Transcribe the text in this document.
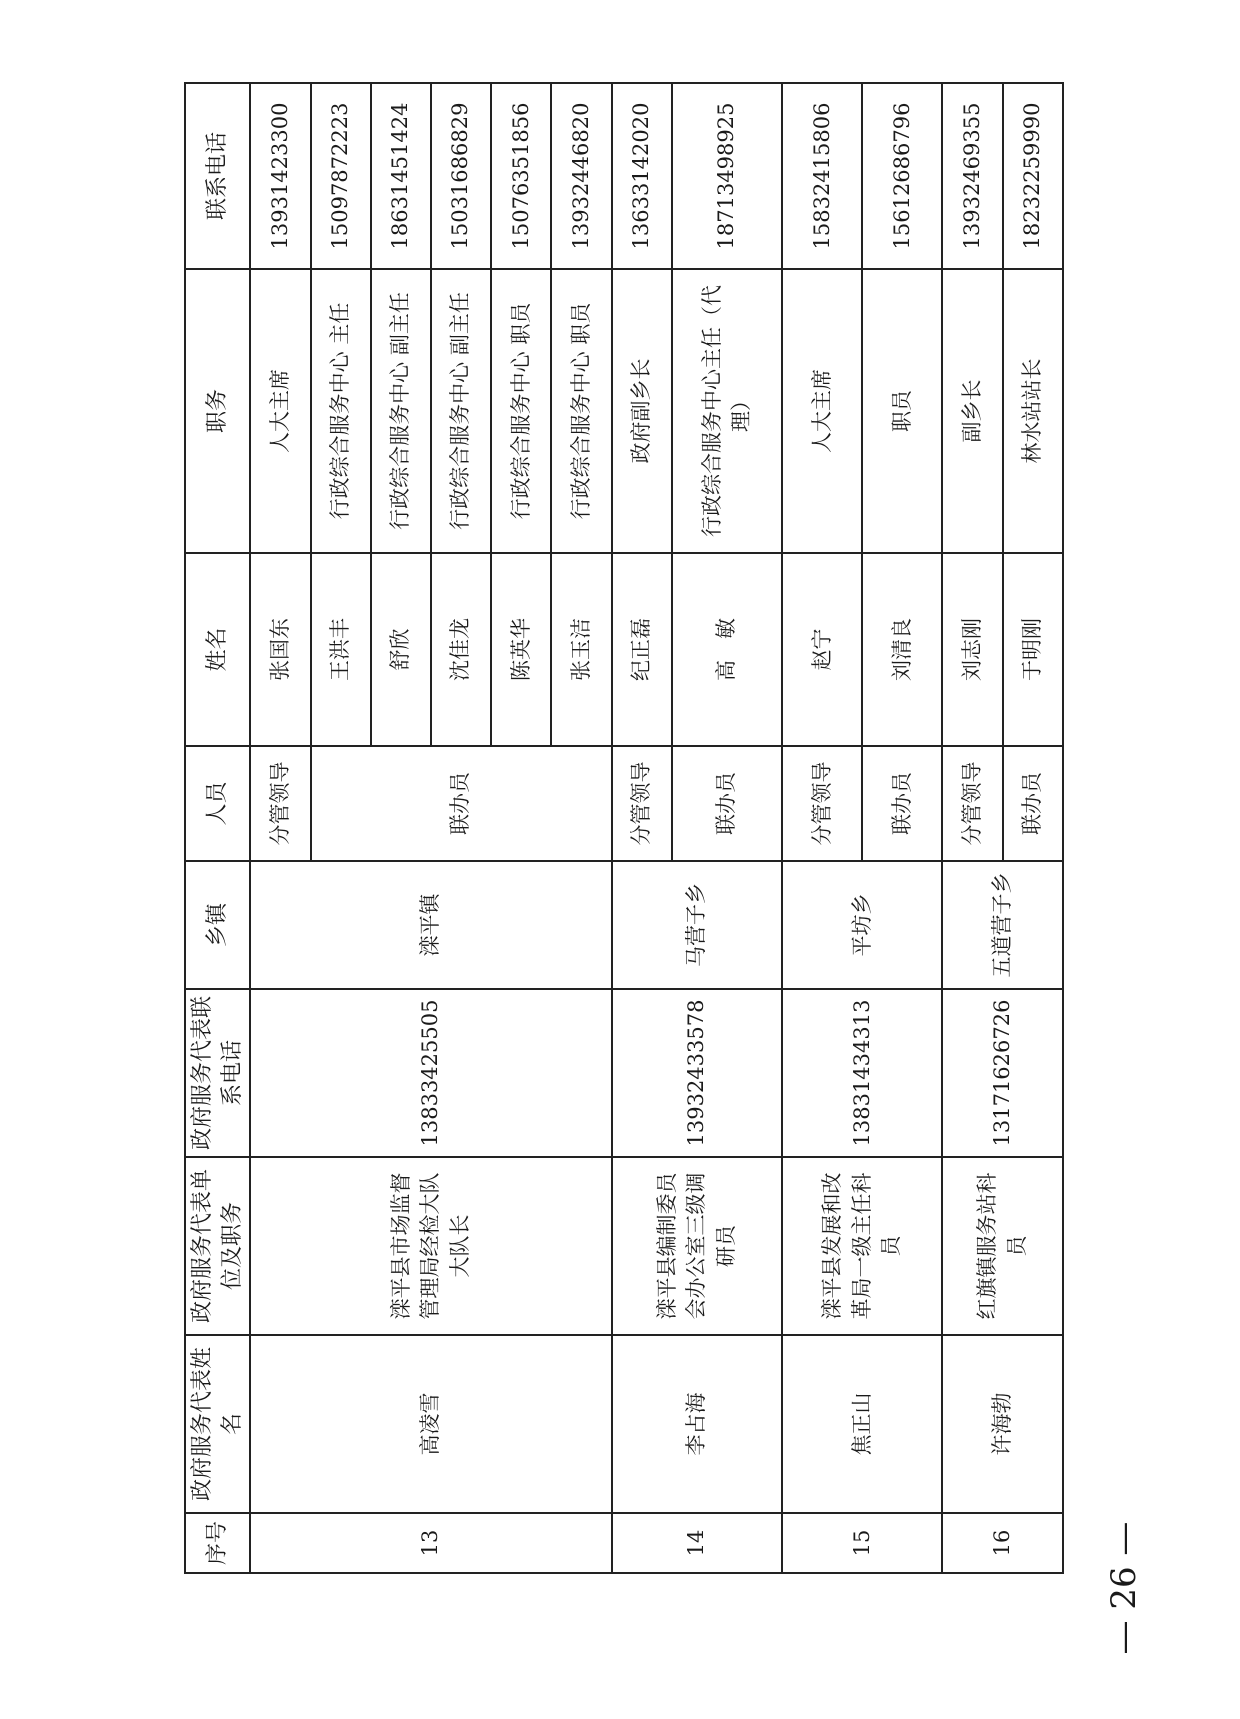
— 26 —
序号	政府服务代表姓名	政府服务代表单位及职务	政府服务代表联系电话	乡镇	人员	姓名	职务	联系电话
13	高凌雪	滦平县市场监督管理局经检大队大队长	13833425505	滦平镇	分管领导	张国东	人大主席	13931423300
					联办员	王洪丰	行政综合服务中心 主任	15097872223
						舒欣	行政综合服务中心 副主任	18631451424
						沈佳龙	行政综合服务中心 副主任	15031686829
						陈英华	行政综合服务中心 职员	15076351856
						张玉洁	行政综合服务中心 职员	13932446820
14	李占海	滦平县编制委员会办公室三级调研员	13932433578	马营子乡	分管领导	纪正磊	政府副乡长	13633142020
					联办员	高　敏	行政综合服务中心主任（代理）	18713498925
15	焦正山	滦平县发展和改革局一级主任科员	13831434313	平坊乡	分管领导	赵宁	人大主席	15832415806
					联办员	刘清良	职员	15612686796
16	许海勃	红旗镇服务站科员	13171626726	五道营子乡	分管领导	刘志刚	副乡长	13932469355
					联办员	于明刚	林水站站长	18232259990
